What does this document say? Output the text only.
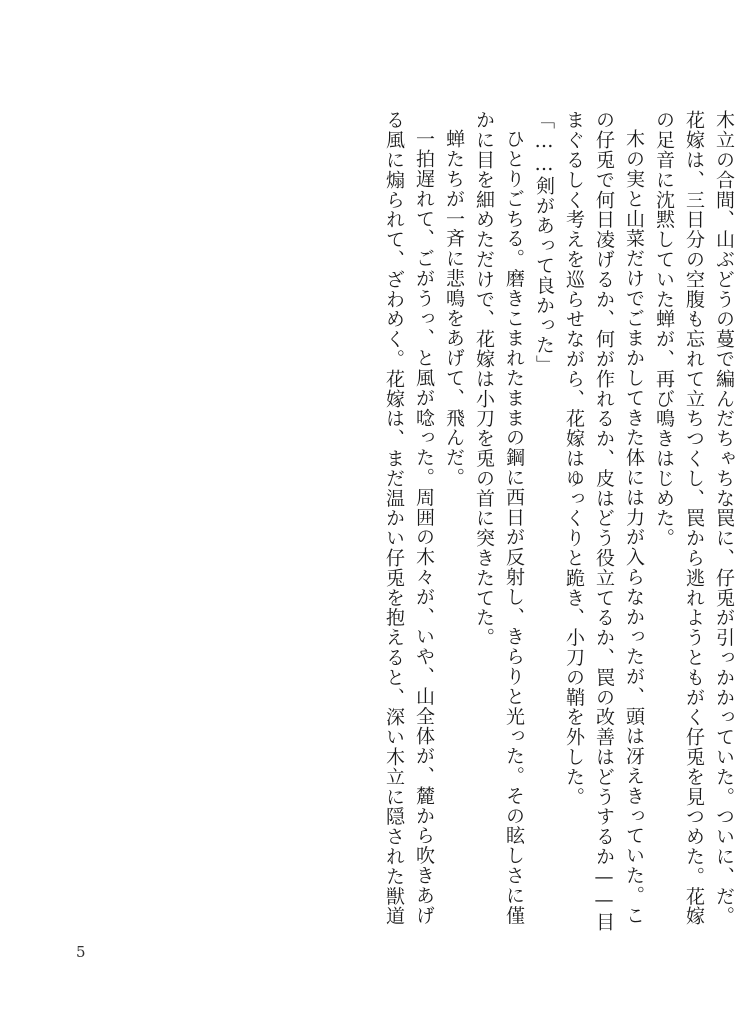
木立の合間、山ぶどうの蔓で編んだちゃちな罠に、仔兎が引っかかっていた。ついに、だ。
花嫁は、三日分の空腹も忘れて立ちつくし、罠から逃れようともがく仔兎を見つめた。花嫁
の足音に沈黙していた蝉が、再び鳴きはじめた。
木の実と山菜だけでごまかしてきた体には力が入らなかったが、頭は冴えきっていた。こ
の仔兎で何日凌げるか、何が作れるか、皮はどう役立てるか、罠の改善はどうするか——目
まぐるしく考えを巡らせながら、花嫁はゆっくりと跪き、小刀の鞘を外した。
「……剣があって良かった」
ひとりごちる。磨きこまれたままの鋼に西日が反射し、きらりと光った。その眩しさに僅
かに目を細めただけで、花嫁は小刀を兎の首に突きたてた。
蝉たちが一斉に悲鳴をあげて、飛んだ。
一拍遅れて、ごがうっ、と風が唸った。周囲の木々が、いや、山全体が、麓から吹きあげ
る風に煽られて、ざわめく。花嫁は、まだ温かい仔兎を抱えると、深い木立に隠された獣道
5
